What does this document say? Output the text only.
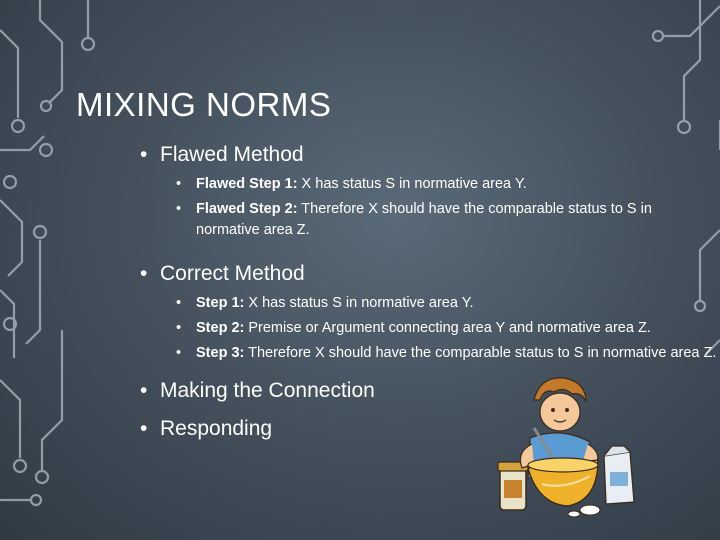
MIXING NORMS
• Flawed Method
• Flawed Step 1: X has status S in normative area Y.
• Flawed Step 2: Therefore X should have the comparable status to S in normative area Z.
• Correct Method
• Step 1: X has status S in normative area Y.
• Step 2: Premise or Argument connecting area Y and normative area Z.
• Step 3: Therefore X should have the comparable status to S in normative area Z.
• Making the Connection
• Responding
